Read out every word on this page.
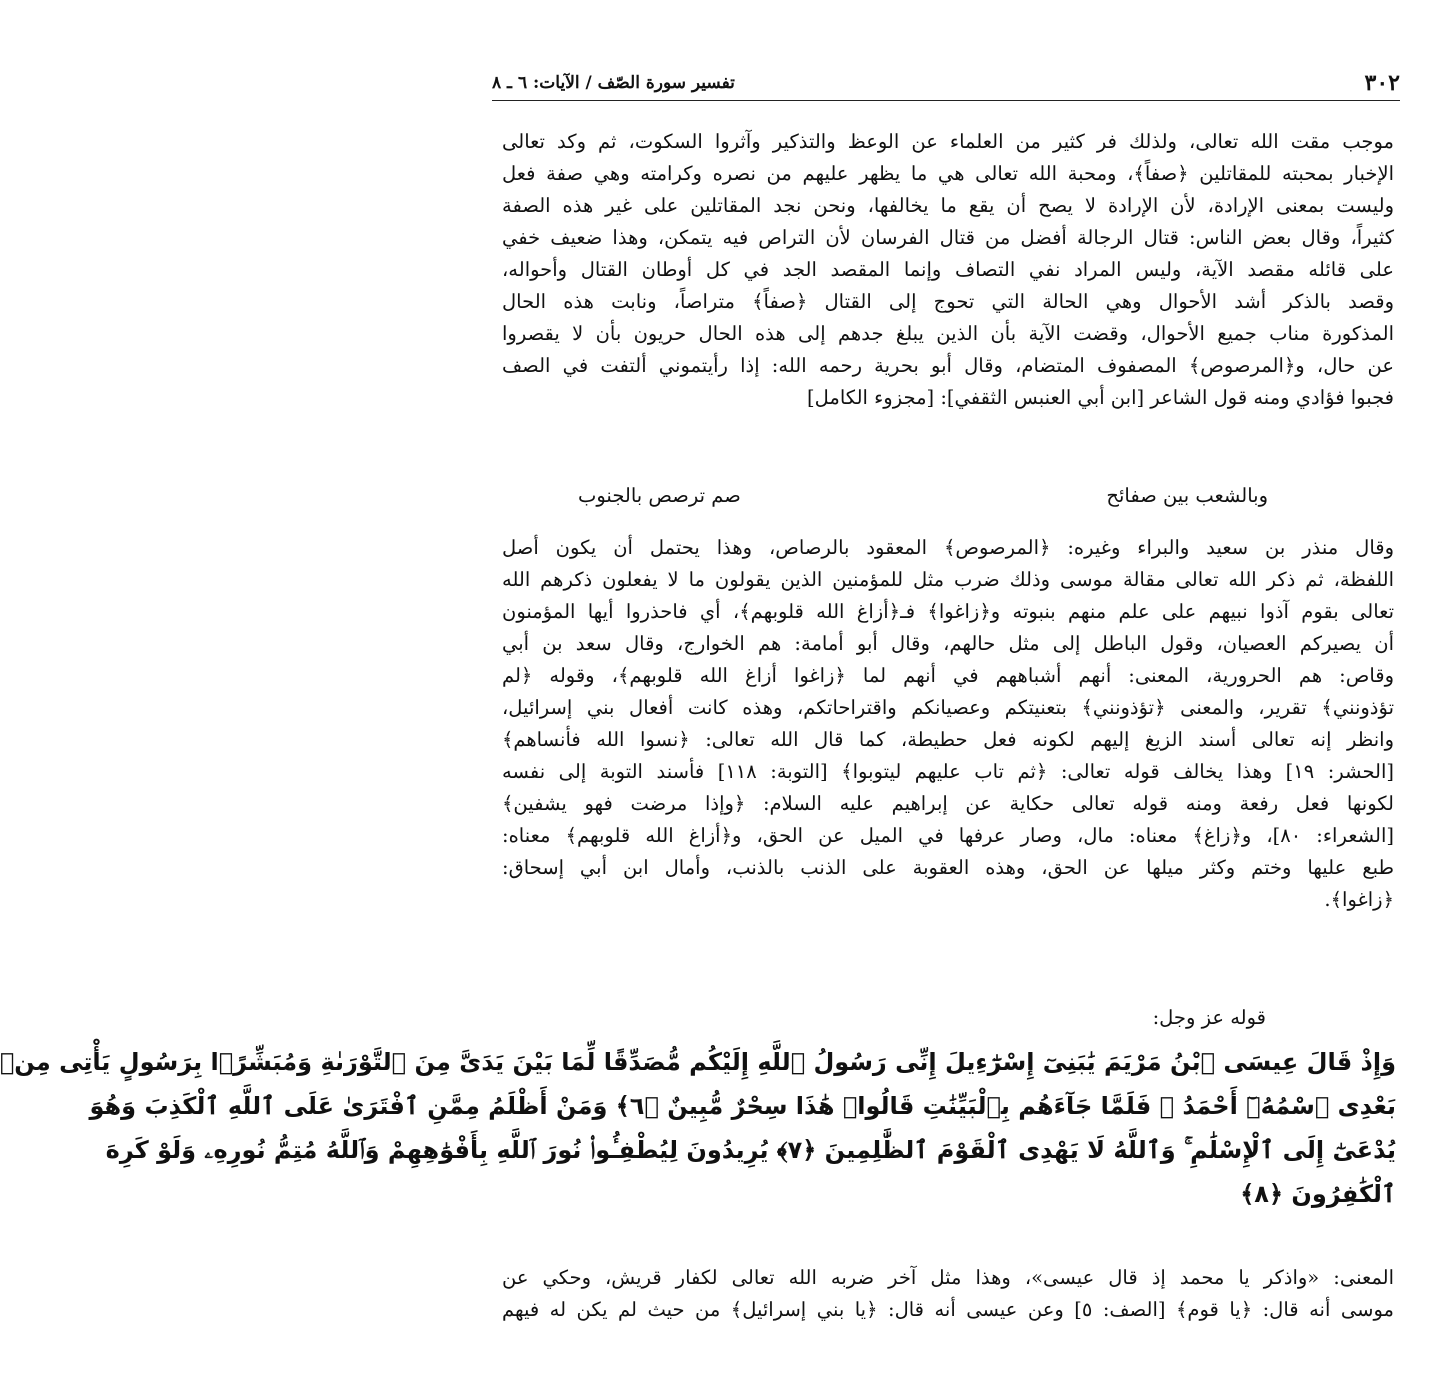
٣٠٢
تفسير سورة الصّف / الآيات: ٦ ـ ٨
موجب مقت الله تعالى، ولذلك فر كثير من العلماء عن الوعظ والتذكير وآثروا السكوت، ثم وكد تعالى
الإخبار بمحبته للمقاتلين ﴿صفاً﴾، ومحبة الله تعالى هي ما يظهر عليهم من نصره وكرامته وهي صفة فعل
وليست بمعنى الإرادة، لأن الإرادة لا يصح أن يقع ما يخالفها، ونحن نجد المقاتلين على غير هذه الصفة
كثيراً، وقال بعض الناس: قتال الرجالة أفضل من قتال الفرسان لأن التراص فيه يتمكن، وهذا ضعيف خفي
على قائله مقصد الآية، وليس المراد نفي التصاف وإنما المقصد الجد في كل أوطان القتال وأحواله،
وقصد بالذكر أشد الأحوال وهي الحالة التي تحوج إلى القتال ﴿صفاً﴾ متراصاً، ونابت هذه الحال
المذكورة مناب جميع الأحوال، وقضت الآية بأن الذين يبلغ جدهم إلى هذه الحال حريون بأن لا يقصروا
عن حال، و﴿المرصوص﴾ المصفوف المتضام، وقال أبو بحرية رحمه الله: إذا رأيتموني ألتفت في الصف
فجبوا فؤادي ومنه قول الشاعر [ابن أبي العنبس الثقفي]: [مجزوء الكامل]
وبالشعب بين صفائح
صم ترصص بالجنوب
وقال منذر بن سعيد والبراء وغيره: ﴿المرصوص﴾ المعقود بالرصاص، وهذا يحتمل أن يكون أصل
اللفظة، ثم ذكر الله تعالى مقالة موسى وذلك ضرب مثل للمؤمنين الذين يقولون ما لا يفعلون ذكرهم الله
تعالى بقوم آذوا نبيهم على علم منهم بنبوته و﴿زاغوا﴾ فـ﴿أزاغ الله قلوبهم﴾، أي فاحذروا أيها المؤمنون
أن يصيركم العصيان، وقول الباطل إلى مثل حالهم، وقال أبو أمامة: هم الخوارج، وقال سعد بن أبي
وقاص: هم الحرورية، المعنى: أنهم أشباههم في أنهم لما ﴿زاغوا أزاغ الله قلوبهم﴾، وقوله ﴿لم
تؤذونني﴾ تقرير، والمعنى ﴿تؤذونني﴾ بتعنيتكم وعصيانكم واقتراحاتكم، وهذه كانت أفعال بني إسرائيل،
وانظر إنه تعالى أسند الزيغ إليهم لكونه فعل حطيطة، كما قال الله تعالى: ﴿نسوا الله فأنساهم﴾
[الحشر: ١٩] وهذا يخالف قوله تعالى: ﴿ثم تاب عليهم ليتوبوا﴾ [التوبة: ١١٨] فأسند التوبة إلى نفسه
لكونها فعل رفعة ومنه قوله تعالى حكاية عن إبراهيم عليه السلام: ﴿وإذا مرضت فهو يشفين﴾
[الشعراء: ٨٠]، و﴿زاغ﴾ معناه: مال، وصار عرفها في الميل عن الحق، و﴿أزاغ الله قلوبهم﴾ معناه:
طبع عليها وختم وكثر ميلها عن الحق، وهذه العقوبة على الذنب بالذنب، وأمال ابن أبي إسحاق:
﴿زاغوا﴾.
قوله عز وجل:
وَإِذْ قَالَ عِيسَى ٱبْنُ مَرْيَمَ يَٰبَنِىٓ إِسْرَٰٓءِيلَ إِنِّى رَسُولُ ٱللَّهِ إِلَيْكُم مُّصَدِّقًا لِّمَا بَيْنَ يَدَىَّ مِنَ ٱلتَّوْرَىٰةِ وَمُبَشِّرًۢا بِرَسُولٍ يَأْتِى مِنۢ
بَعْدِى ٱسْمُهُۥٓ أَحْمَدُ ۖ فَلَمَّا جَآءَهُم بِٱلْبَيِّنَٰتِ قَالُوا۟ هَٰذَا سِحْرٌ مُّبِينٌ ﴿٦﴾ وَمَنْ أَظْلَمُ مِمَّنِ ٱفْتَرَىٰ عَلَى ٱللَّهِ ٱلْكَذِبَ وَهُوَ
يُدْعَىٰٓ إِلَى ٱلْإِسْلَٰمِ ۚ وَٱللَّهُ لَا يَهْدِى ٱلْقَوْمَ ٱلظَّٰلِمِينَ ﴿٧﴾ يُرِيدُونَ لِيُطْفِـُٔوا۟ نُورَ ٱللَّهِ بِأَفْوَٰهِهِمْ وَٱللَّهُ مُتِمُّ نُورِهِۦ وَلَوْ كَرِهَ
ٱلْكَٰفِرُونَ ﴿٨﴾
المعنى: «واذكر يا محمد إذ قال عيسى»، وهذا مثل آخر ضربه الله تعالى لكفار قريش، وحكي عن
موسى أنه قال: ﴿يا قوم﴾ [الصف: ٥] وعن عيسى أنه قال: ﴿يا بني إسرائيل﴾ من حيث لم يكن له فيهم
